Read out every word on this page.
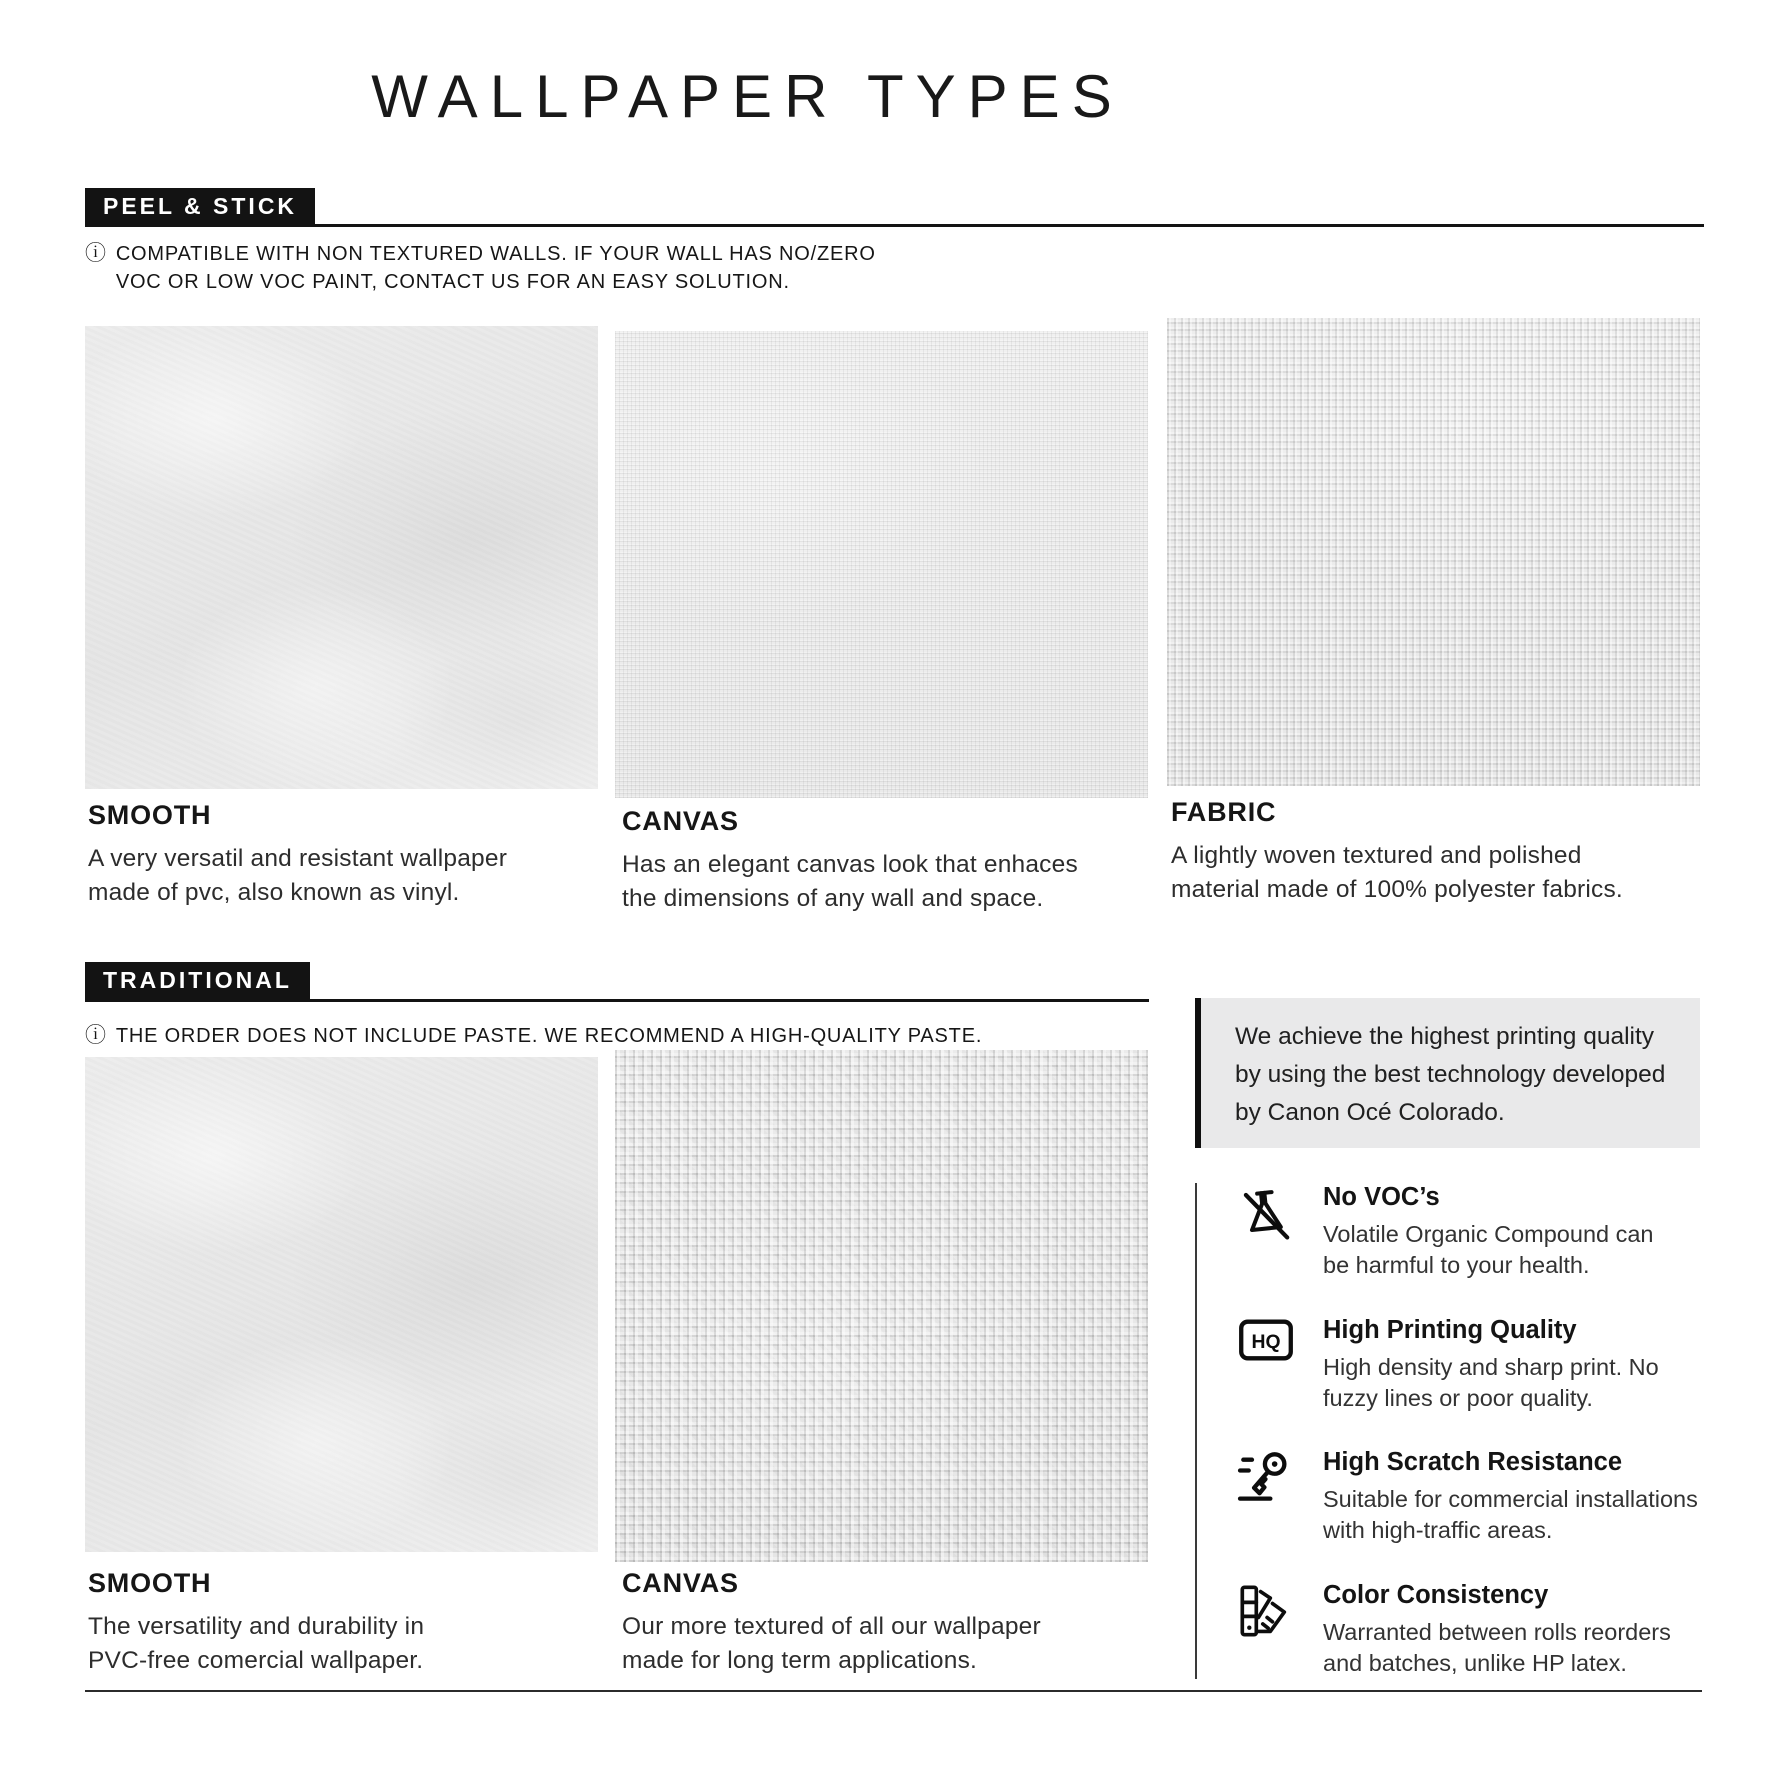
WALLPAPER TYPES
PEEL & STICK
ⓘ COMPATIBLE WITH NON TEXTURED WALLS. IF YOUR WALL HAS NO/ZERO
VOC OR LOW VOC PAINT, CONTACT US FOR AN EASY SOLUTION.
SMOOTH

A very versatil and resistant wallpaper made of pvc, also known as vinyl.

CANVAS

Has an elegant canvas look that enhaces the dimensions of any wall and space.

FABRIC

A lightly woven textured and polished material made of 100% polyester fabrics.

TRADITIONAL
ⓘ THE ORDER DOES NOT INCLUDE PASTE. WE RECOMMEND A HIGH-QUALITY PASTE.
SMOOTH

The versatility and durability in PVC-free comercial wallpaper.

CANVAS

Our more textured of all our wallpaper made for long term applications.

We achieve the highest printing quality by using the best technology developed by Canon Océ Colorado.
No VOC’s

Volatile Organic Compound can be harmful to your health.

HQ High Printing Quality

High density and sharp print. No fuzzy lines or poor quality.

High Scratch Resistance

Suitable for commercial installations with high-traffic areas.

Color Consistency

Warranted between rolls reorders and batches, unlike HP latex.
